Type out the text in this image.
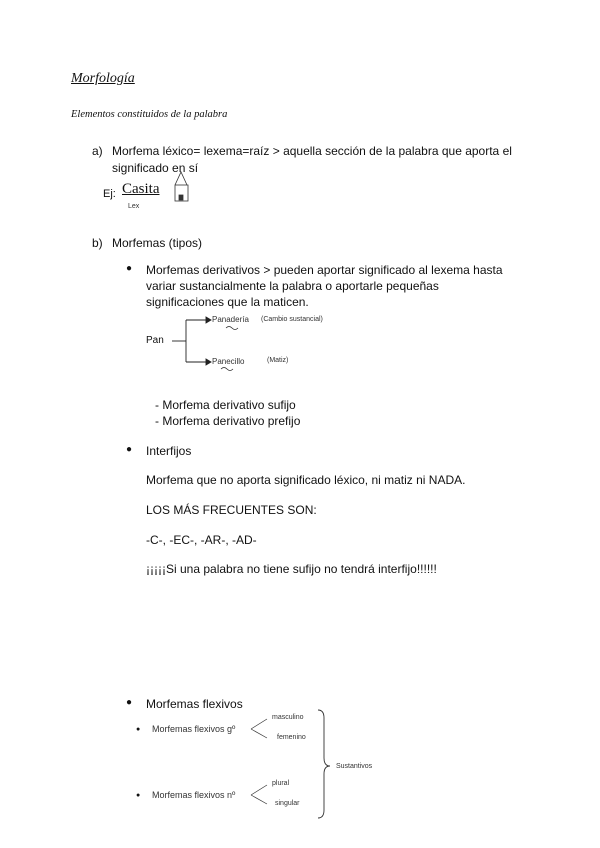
Morfología
Elementos constituidos de la palabra
a) Morfema léxico= lexema=raíz > aquella sección de la palabra que aporta el
significado en sí
Ej: Casita
Lex
b) Morfemas (tipos)
● Morfemas derivativos > pueden aportar significado al lexema hasta
variar sustancialmente la palabra o aportarle pequeñas
significaciones que la maticen.
Pan
Panadería (Cambio sustancial)
Panecillo	(Matiz)
- Morfema derivativo sufijo
- Morfema derivativo prefijo
● Interfijos
Morfema que no aporta significado léxico, ni matiz ni NADA.
LOS MÁS FRECUENTES SON:
-C-, -EC-, -AR-, -AD-
¡¡¡¡¡Si una palabra no tiene sufijo no tendrá interfijo!!!!!!
● Morfemas flexivos
● Morfemas flexivos gº
masculino
femenino
● Morfemas flexivos nº
plural
singular
Sustantivos
